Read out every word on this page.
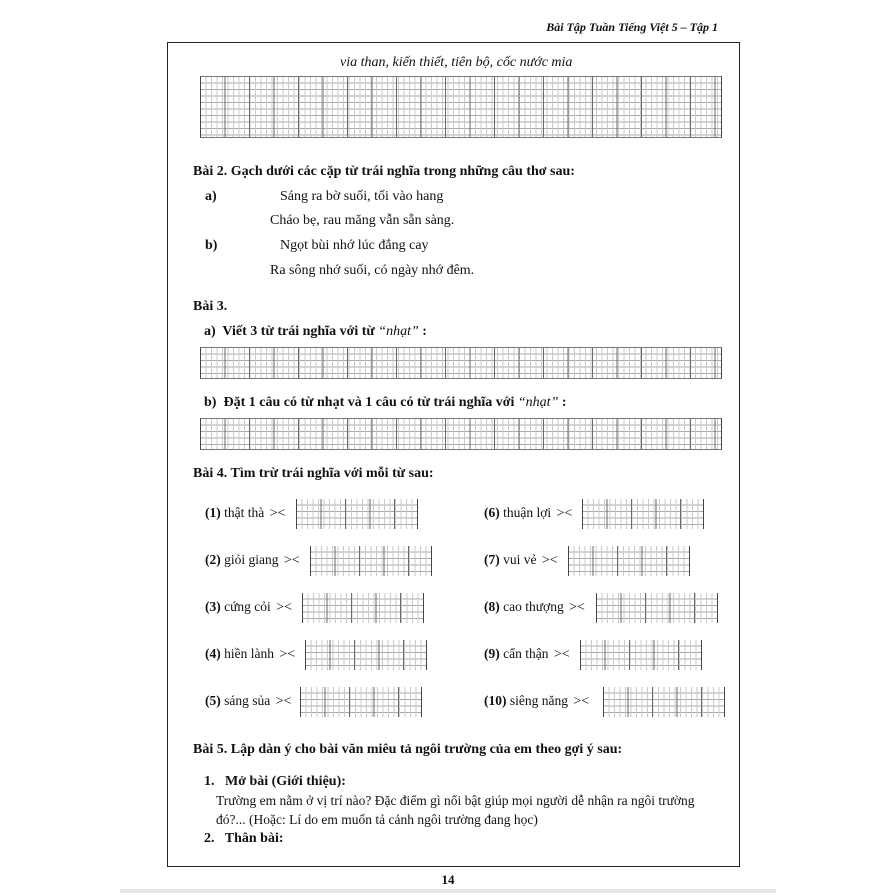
Bài Tập Tuần Tiếng Việt 5 – Tập 1
via than, kiến thiết, tiên bộ, cốc nước mia
Bài 2. Gạch dưới các cặp từ trái nghĩa trong những câu thơ sau:
a)	Sáng ra bờ suối, tối vào hang
Cháo bẹ, rau măng vẫn sẵn sàng.
b)	Ngọt bùi nhớ lúc đắng cay
Ra sông nhớ suối, có ngày nhớ đêm.
Bài 3.
a) Viết 3 từ trái nghĩa với từ “nhạt” :
b) Đặt 1 câu có từ nhạt và 1 câu có từ trái nghĩa với “nhạt” :
Bài 4. Tìm trừ trái nghĩa với mỗi từ sau:
(1) thật thà ><
(2) giỏi giang ><
(3) cứng cỏi ><
(4) hiền lành ><
(5) sáng sủa ><
(6) thuận lợi ><
(7) vui vẻ ><
(8) cao thượng ><
(9) cẩn thận ><
(10) siêng năng ><
Bài 5. Lập dàn ý cho bài văn miêu tả ngôi trường của em theo gợi ý sau:
1. Mở bài (Giới thiệu):
Trường em nằm ở vị trí nào? Đặc điểm gì nổi bật giúp mọi người dễ nhận ra ngôi trường
đó?... (Hoặc: Lí do em muốn tả cảnh ngôi trường đang học)
2. Thân bài:
14
